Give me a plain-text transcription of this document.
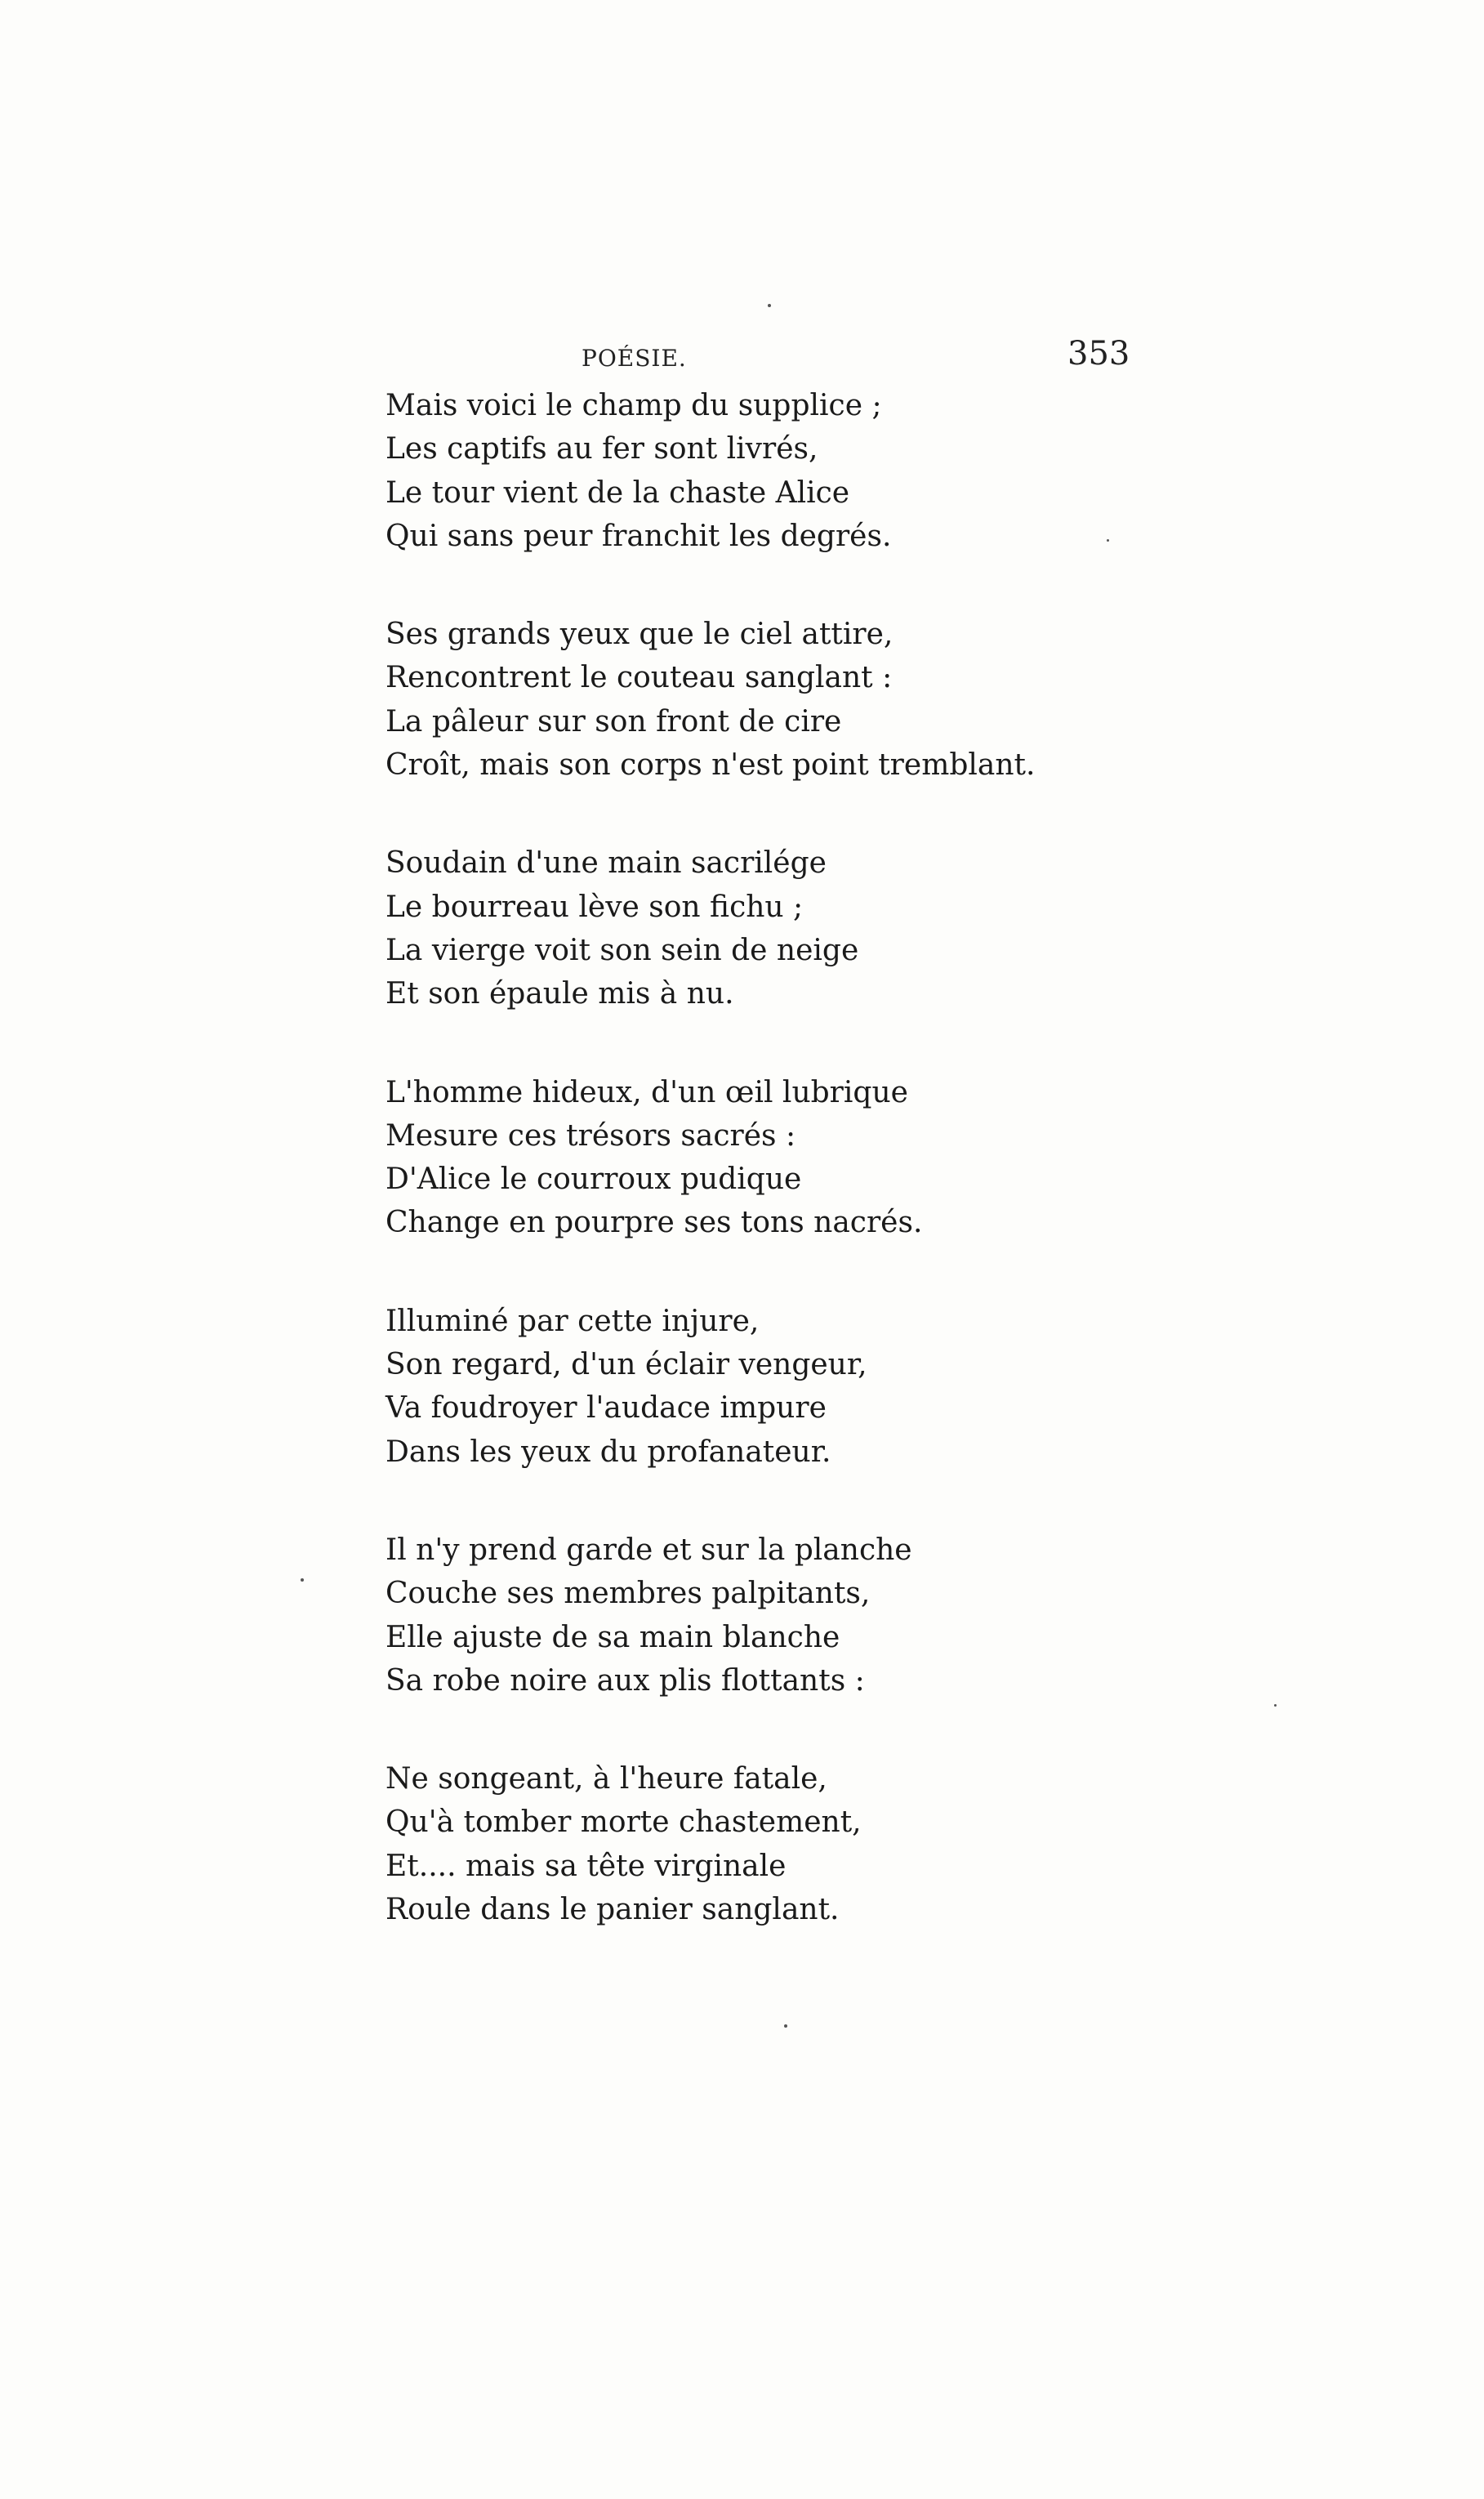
POÉSIE.	353
Mais voici le champ du supplice ;
Les captifs au fer sont livrés,
Le tour vient de la chaste Alice
Qui sans peur franchit les degrés.
Ses grands yeux que le ciel attire,
Rencontrent le couteau sanglant :
La pâleur sur son front de cire
Croît, mais son corps n'est point tremblant.
Soudain d'une main sacrilége
Le bourreau lève son fichu ;
La vierge voit son sein de neige
Et son épaule mis à nu.
L'homme hideux, d'un œil lubrique
Mesure ces trésors sacrés :
D'Alice le courroux pudique
Change en pourpre ses tons nacrés.
Illuminé par cette injure,
Son regard, d'un éclair vengeur,
Va foudroyer l'audace impure
Dans les yeux du profanateur.
Il n'y prend garde et sur la planche
Couche ses membres palpitants,
Elle ajuste de sa main blanche
Sa robe noire aux plis flottants :
Ne songeant, à l'heure fatale,
Qu'à tomber morte chastement,
Et.... mais sa tête virginale
Roule dans le panier sanglant.
